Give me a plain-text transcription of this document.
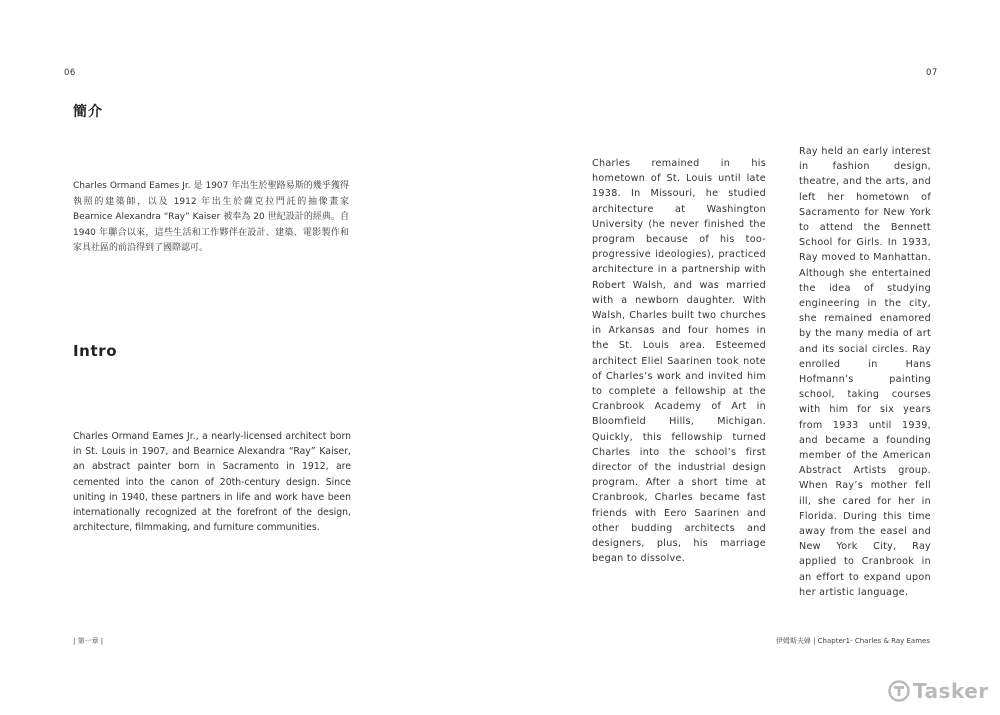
06
簡介
Charles Ormand Eames Jr. 是 1907 年出生於聖路易斯的幾乎獲得執照的建築師，以及 1912 年出生於薩克拉門託的抽像畫家 Bearnice Alexandra “Ray” Kaiser 被奉為 20 世紀設計的經典。自 1940 年聯合以來，這些生活和工作夥伴在設計、建築、電影製作和家具社區的前沿得到了國際認可。
Intro
Charles Ormand Eames Jr., a nearly-licensed architect born in St. Louis in 1907, and Bearnice Alexandra “Ray” Kaiser, an abstract painter born in Sacramento in 1912, are cemented into the canon of 20th-century design. Since uniting in 1940, these partners in life and work have been internationally recognized at the forefront of the design, architecture, filmmaking, and furniture communities.
| 第一章 |
07
Charles remained in his hometown of St. Louis until late 1938. In Missouri, he studied architecture at Washington University (he never finished the program because of his too-progressive ideologies), practiced architecture in a partnership with Robert Walsh, and was married with a newborn daughter. With Walsh, Charles built two churches in Arkansas and four homes in the St. Louis area. Esteemed architect Eliel Saarinen took note of Charles’s work and invited him to complete a fellowship at the Cranbrook Academy of Art in Bloomfield Hills, Michigan. Quickly, this fellowship turned Charles into the school’s first director of the industrial design program. After a short time at Cranbrook, Charles became fast friends with Eero Saarinen and other budding architects and designers, plus, his marriage began to dissolve.
Ray held an early interest in fashion design, theatre, and the arts, and left her hometown of Sacramento for New York to attend the Bennett School for Girls. In 1933, Ray moved to Manhattan. Although she entertained the idea of studying engineering in the city, she remained enamored by the many media of art and its social circles. Ray enrolled in Hans Hofmann’s painting school, taking courses with him for six years from 1933 until 1939, and became a founding member of the American Abstract Artists group. When Ray’s mother fell ill, she cared for her in Florida. During this time away from the easel and New York City, Ray applied to Cranbrook in an effort to expand upon her artistic language.
伊姆斯夫婦 | Chapter1- Charles & Ray Eames
Tasker
